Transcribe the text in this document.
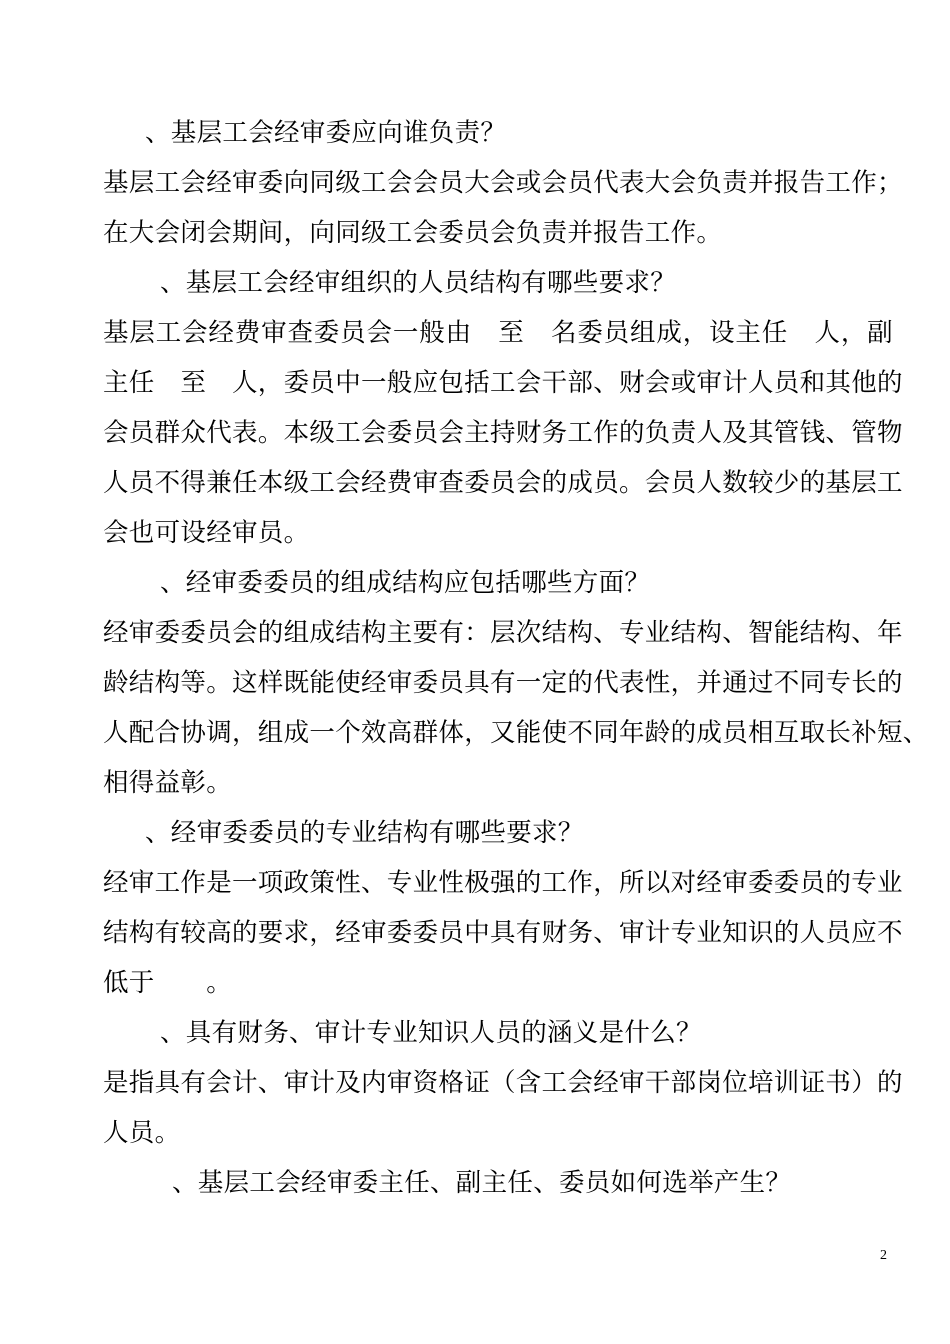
、基层工会经审委应向谁负责？
基层工会经审委向同级工会会员大会或会员代表大会负责并报告工作；
在大会闭会期间，向同级工会委员会负责并报告工作。
、基层工会经审组织的人员结构有哪些要求？
基层工会经费审查委员会一般由　至　名委员组成，设主任　人，副
主任　至　人，委员中一般应包括工会干部、财会或审计人员和其他的
会员群众代表。本级工会委员会主持财务工作的负责人及其管钱、管物
人员不得兼任本级工会经费审查委员会的成员。会员人数较少的基层工
会也可设经审员。
、经审委委员的组成结构应包括哪些方面？
经审委委员会的组成结构主要有：层次结构、专业结构、智能结构、年
龄结构等。这样既能使经审委员具有一定的代表性，并通过不同专长的
人配合协调，组成一个效高群体，又能使不同年龄的成员相互取长补短、
相得益彰。
、经审委委员的专业结构有哪些要求？
经审工作是一项政策性、专业性极强的工作，所以对经审委委员的专业
结构有较高的要求，经审委委员中具有财务、审计专业知识的人员应不
低于　　。
、具有财务、审计专业知识人员的涵义是什么？
是指具有会计、审计及内审资格证（含工会经审干部岗位培训证书）的
人员。
、基层工会经审委主任、副主任、委员如何选举产生？
2
